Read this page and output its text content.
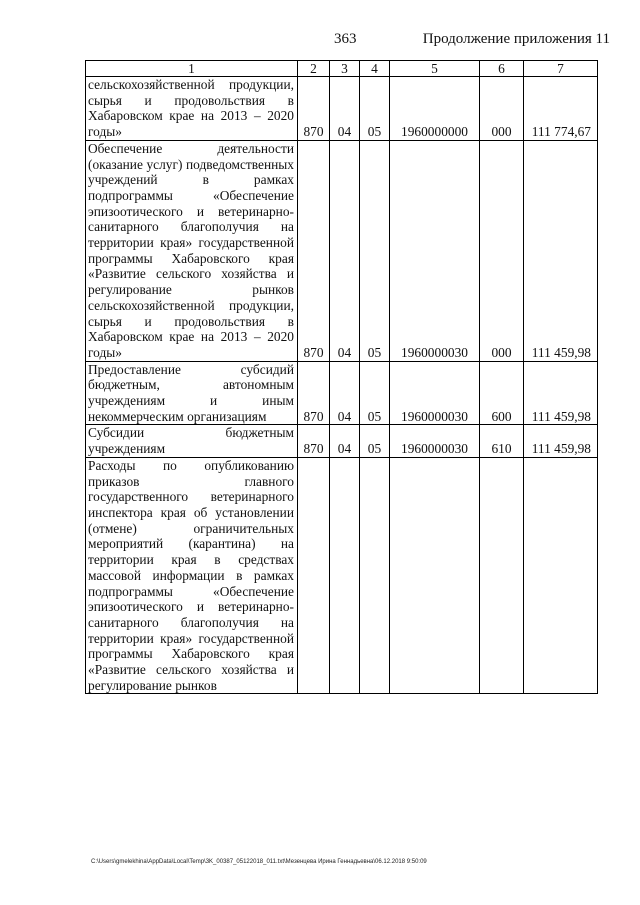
363	Продолжение приложения 11
1	2	3	4	5	6	7
сельскохозяйственной продукции, сырья и продовольствия в Хабаровском крае на 2013 – 2020 годы»	870	04	05	1960000000	000	111 774,67
Обеспечение деятельности (оказание услуг) подведомственных учреждений в рамках подпрограммы «Обеспечение эпизоотического и ветеринарно-санитарного благополучия на территории края» государственной программы Хабаровского края «Развитие сельского хозяйства и регулирование рынков сельскохозяйственной продукции, сырья и продовольствия в Хабаровском крае на 2013 – 2020 годы»	870	04	05	1960000030	000	111 459,98
Предоставление субсидий бюджетным, автономным учреждениям и иным некоммерческим организациям	870	04	05	1960000030	600	111 459,98
Субсидии бюджетным учреждениям	870	04	05	1960000030	610	111 459,98
Расходы по опубликованию приказов главного государственного ветеринарного инспектора края об установлении (отмене) ограничительных мероприятий (карантина) на территории края в средствах массовой информации в рамках подпрограммы «Обеспечение эпизоотического и ветеринарно-санитарного благополучия на территории края» государственной программы Хабаровского края «Развитие сельского хозяйства и регулирование рынков						
C:\Users\gmelekhina\AppData\Local\Temp\3K_00387_05122018_011.txt\Мезенцева Ирина Геннадьевна\06.12.2018 9:50:09
